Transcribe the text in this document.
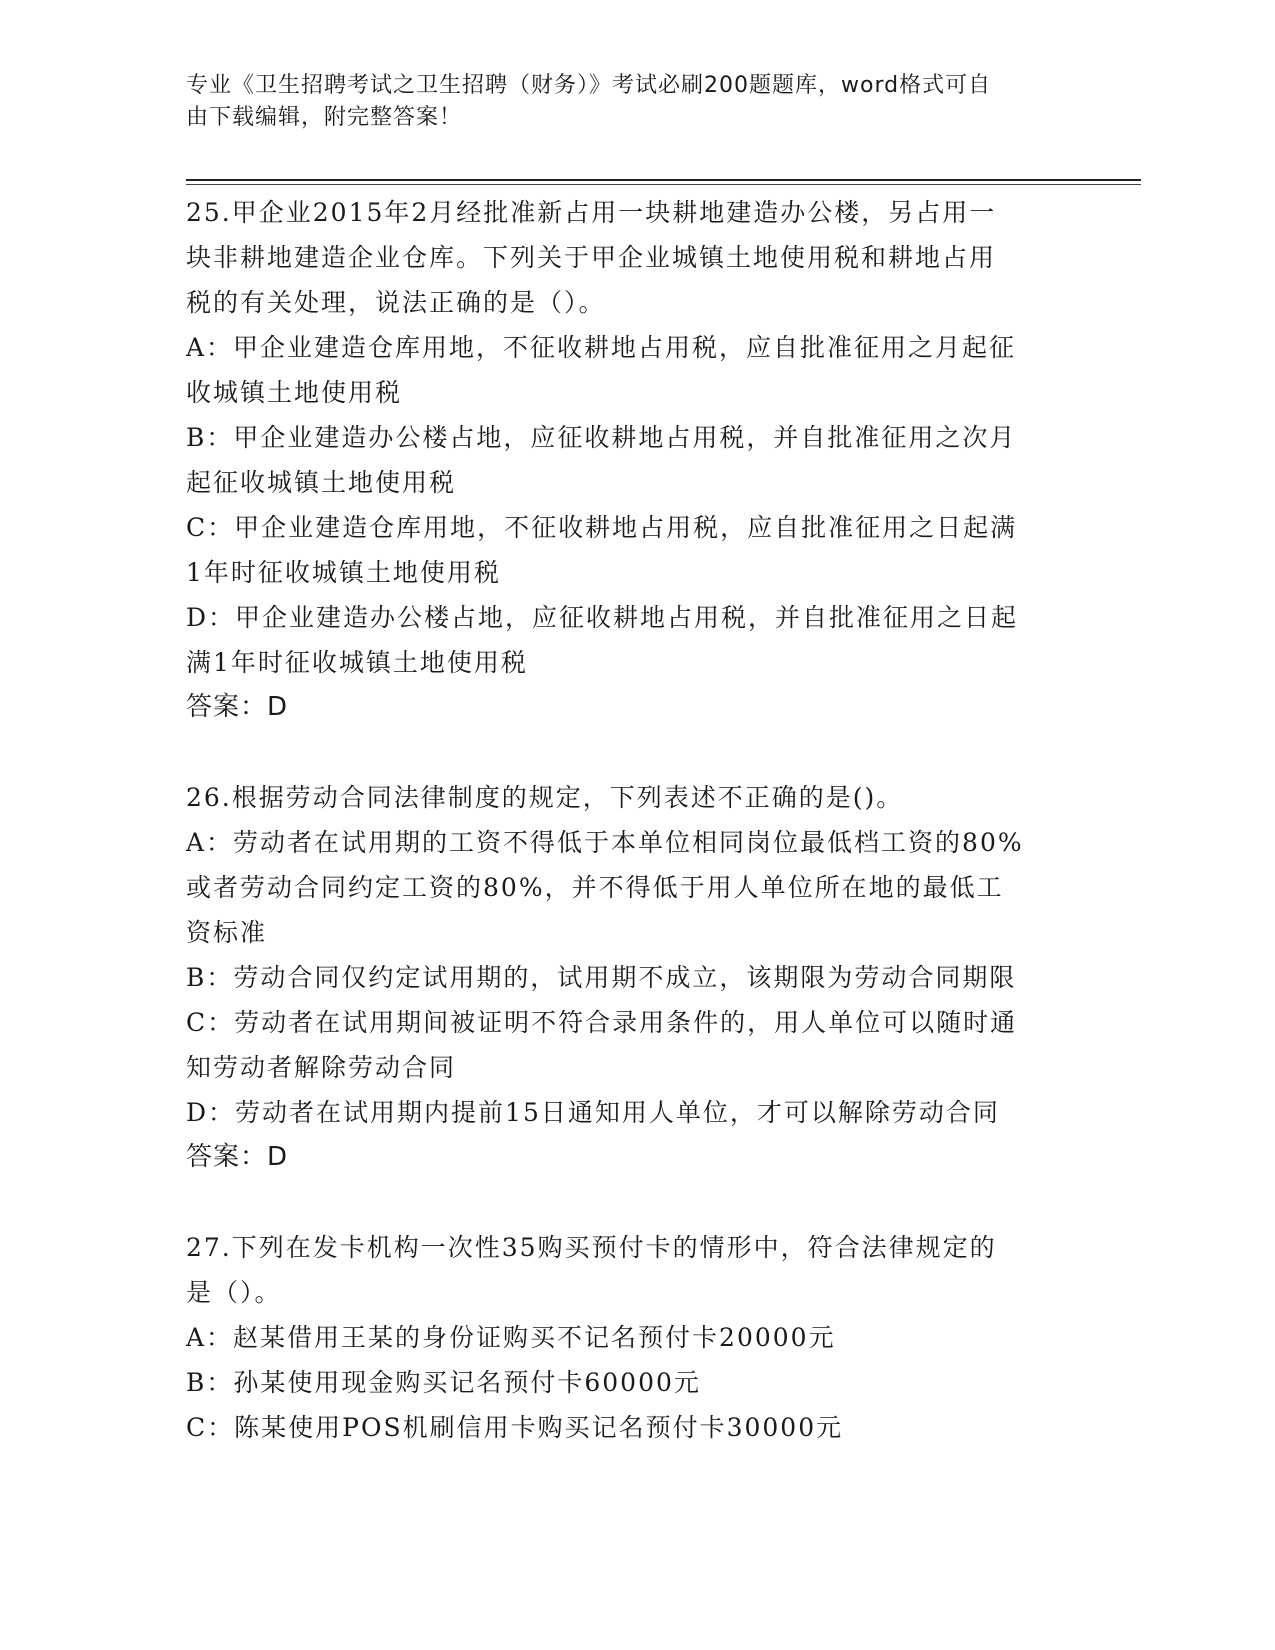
专业《卫生招聘考试之卫生招聘（财务）》考试必刷200题题库，word格式可自
由下载编辑，附完整答案！
25.甲企业2015年2月经批准新占用一块耕地建造办公楼，另占用一
块非耕地建造企业仓库。下列关于甲企业城镇土地使用税和耕地占用
税的有关处理，说法正确的是（）。
A：甲企业建造仓库用地，不征收耕地占用税，应自批准征用之月起征
收城镇土地使用税
B：甲企业建造办公楼占地，应征收耕地占用税，并自批准征用之次月
起征收城镇土地使用税
C：甲企业建造仓库用地，不征收耕地占用税，应自批准征用之日起满
1年时征收城镇土地使用税
D：甲企业建造办公楼占地，应征收耕地占用税，并自批准征用之日起
满1年时征收城镇土地使用税
答案：D
26.根据劳动合同法律制度的规定，下列表述不正确的是()。
A：劳动者在试用期的工资不得低于本单位相同岗位最低档工资的80%
或者劳动合同约定工资的80%，并不得低于用人单位所在地的最低工
资标准
B：劳动合同仅约定试用期的，试用期不成立，该期限为劳动合同期限
C：劳动者在试用期间被证明不符合录用条件的，用人单位可以随时通
知劳动者解除劳动合同
D：劳动者在试用期内提前15日通知用人单位，才可以解除劳动合同
答案：D
27.下列在发卡机构一次性35购买预付卡的情形中，符合法律规定的
是（）。
A：赵某借用王某的身份证购买不记名预付卡20000元
B：孙某使用现金购买记名预付卡60000元
C：陈某使用POS机刷信用卡购买记名预付卡30000元
